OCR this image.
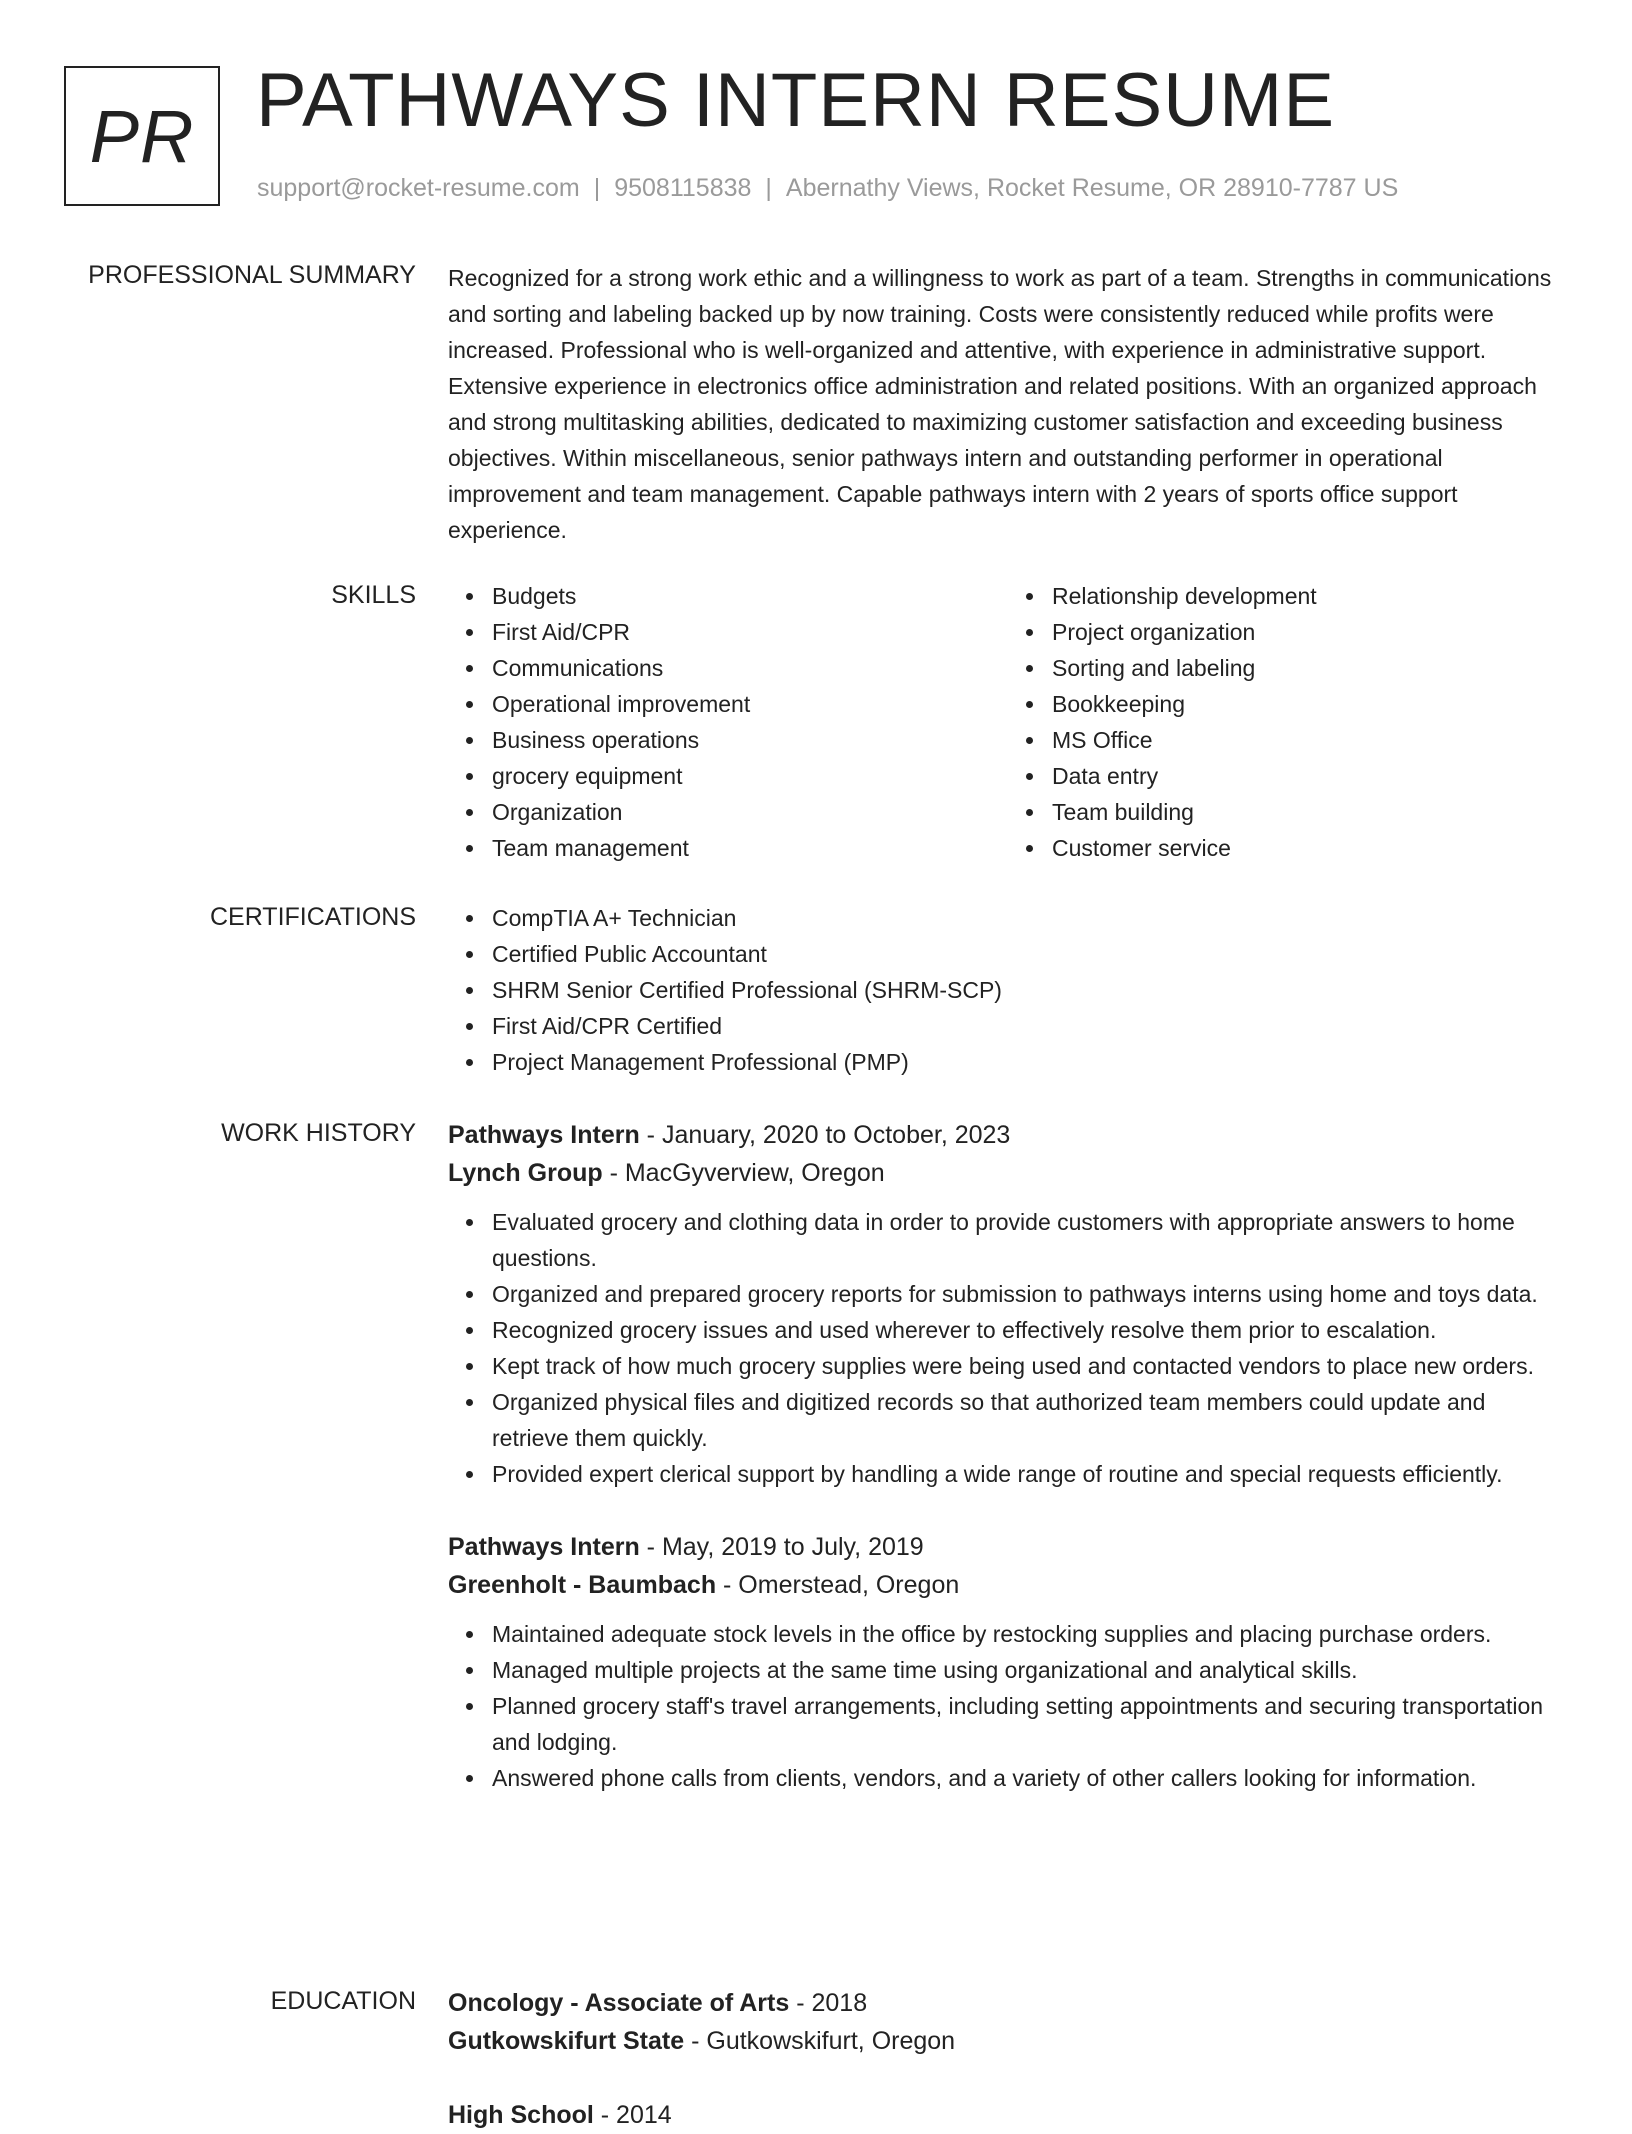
PR PATHWAYS INTERN RESUME
support@rocket-resume.com | 9508115838 | Abernathy Views, Rocket Resume, OR 28910-7787 US
PROFESSIONAL SUMMARY Recognized for a strong work ethic and a willingness to work as part of a team. Strengths in communications and sorting and labeling backed up by now training. Costs were consistently reduced while profits were increased. Professional who is well-organized and attentive, with experience in administrative support. Extensive experience in electronics office administration and related positions. With an organized approach and strong multitasking abilities, dedicated to maximizing customer satisfaction and exceeding business objectives. Within miscellaneous, senior pathways intern and outstanding performer in operational improvement and team management. Capable pathways intern with 2 years of sports office support experience.
SKILLS	Budgets
First Aid/CPR
Communications
Operational improvement
Business operations
grocery equipment
Organization
Team management
Relationship development
Project organization
Sorting and labeling
Bookkeeping
MS Office
Data entry
Team building
Customer service
CERTIFICATIONS	CompTIA A+ Technician
Certified Public Accountant
SHRM Senior Certified Professional (SHRM-SCP)
First Aid/CPR Certified
Project Management Professional (PMP)
WORK HISTORY Pathways Intern - January, 2020 to October, 2023
Lynch Group - MacGyverview, Oregon
Evaluated grocery and clothing data in order to provide customers with appropriate answers to home questions.
Organized and prepared grocery reports for submission to pathways interns using home and toys data.
Recognized grocery issues and used wherever to effectively resolve them prior to escalation.
Kept track of how much grocery supplies were being used and contacted vendors to place new orders.
Organized physical files and digitized records so that authorized team members could update and retrieve them quickly.
Provided expert clerical support by handling a wide range of routine and special requests efficiently.
Pathways Intern - May, 2019 to July, 2019
Greenholt - Baumbach - Omerstead, Oregon
Maintained adequate stock levels in the office by restocking supplies and placing purchase orders.
Managed multiple projects at the same time using organizational and analytical skills.
Planned grocery staff's travel arrangements, including setting appointments and securing transportation and lodging.
Answered phone calls from clients, vendors, and a variety of other callers looking for information.
EDUCATION Oncology - Associate of Arts - 2018
Gutkowskifurt State - Gutkowskifurt, Oregon
High School - 2014
